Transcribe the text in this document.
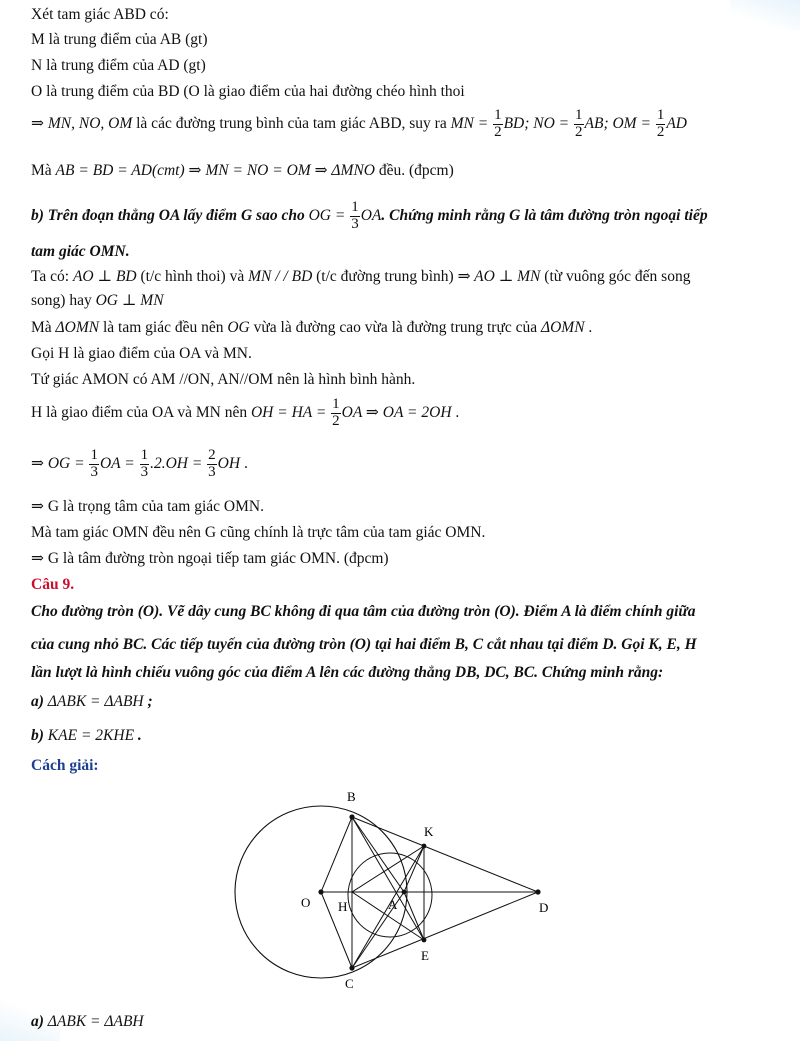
Xét tam giác ABD có:
M là trung điểm của AB (gt)
N là trung điểm của AD (gt)
O là trung điểm của BD (O là giao điểm của hai đường chéo hình thoi
⇒ MN, NO, OM là các đường trung bình của tam giác ABD, suy ra MN = $\frac{1}{2}$ BD; NO = $\frac{1}{2}$ AB; OM = $\frac{1}{2}$ AD
Mà AB = BD = AD(cmt) ⇒ MN = NO = OM ⇒ ΔMNO đều. (đpcm)
b) Trên đoạn thẳng OA lấy điểm G sao cho OG = $\frac{1}{3}$ OA. Chứng minh rằng G là tâm đường tròn ngoại tiếp
tam giác OMN.
Ta có: AO ⊥ BD (t/c hình thoi) và MN / / BD (t/c đường trung bình) ⇒ AO ⊥ MN (từ vuông góc đến song
song) hay OG ⊥ MN
Mà ΔOMN là tam giác đều nên OG vừa là đường cao vừa là đường trung trực của ΔOMN .
Gọi H là giao điểm của OA và MN.
Tứ giác AMON có AM //ON, AN//OM nên là hình bình hành.
H là giao điểm của OA và MN nên OH = HA = $\frac{1}{2}$ OA ⇒ OA = 2OH .
⇒ OG = $\frac{1}{3}$ OA = $\frac{1}{3} .2.OH = \frac{2}{3}$ OH .
⇒ G là trọng tâm của tam giác OMN.
Mà tam giác OMN đều nên G cũng chính là trực tâm của tam giác OMN.
⇒ G là tâm đường tròn ngoại tiếp tam giác OMN. (đpcm)
Câu 9.
Cho đường tròn (O). Vẽ dây cung BC không đi qua tâm của đường tròn (O). Điểm A là điểm chính giữa
của cung nhỏ BC. Các tiếp tuyến của đường tròn (O) tại hai điểm B, C cắt nhau tại điểm D. Gọi K, E, H
lần lượt là hình chiếu vuông góc của điểm A lên các đường thẳng DB, DC, BC. Chứng minh rằng:
a) ΔABK = ΔABH ;
b) KAE = 2KHE .
Cách giải:
B
K
O H	A	D
E
C
a) ΔABK = ΔABH
